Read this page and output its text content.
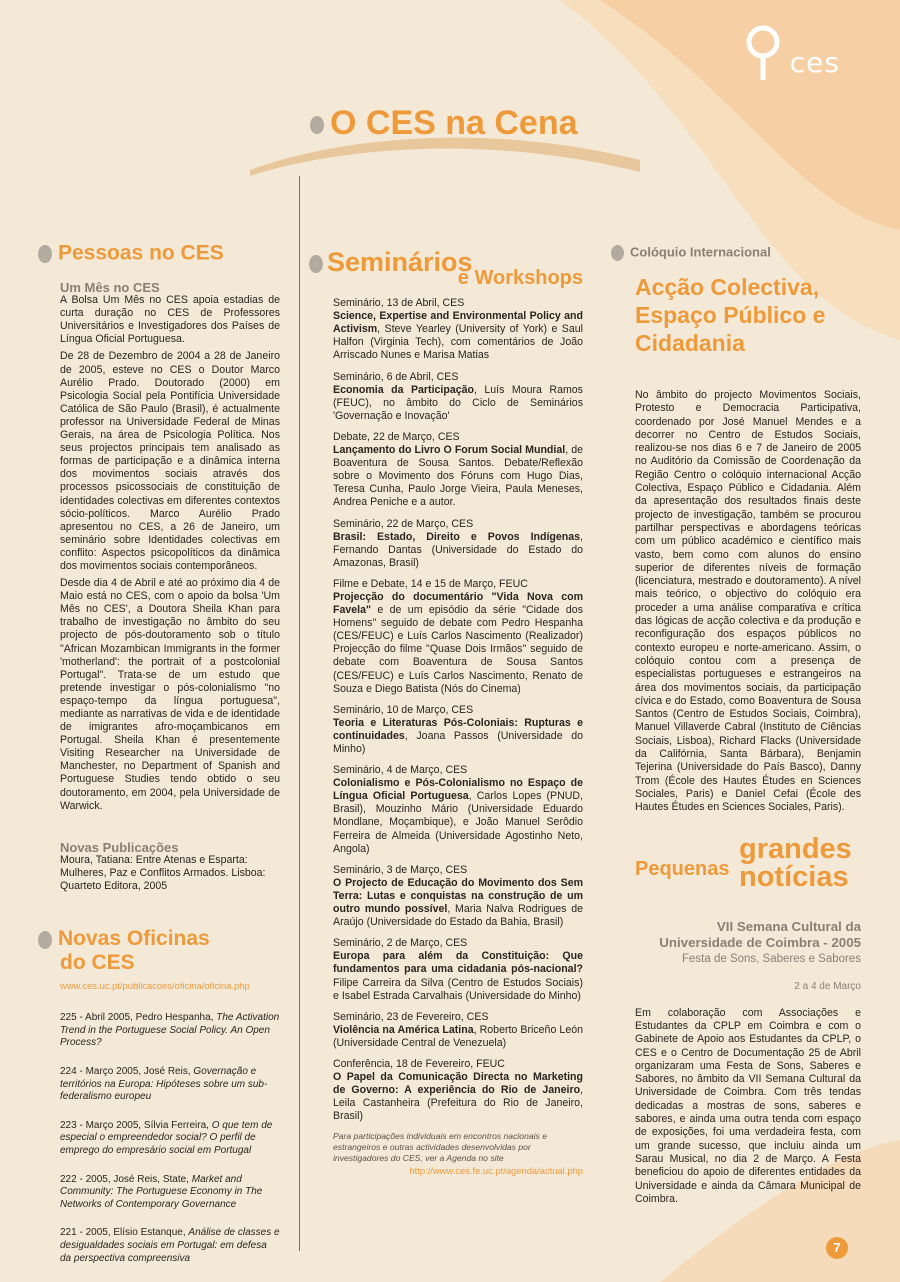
ces
O CES na Cena
Pessoas no CES
Um Mês no CES

A Bolsa Um Mês no CES apoia estadias de curta duração no CES de Professores Universitários e Investigadores dos Países de Língua Oficial Portuguesa.

De 28 de Dezembro de 2004 a 28 de Janeiro de 2005, esteve no CES o Doutor Marco Aurélio Prado. Doutorado (2000) em Psicologia Social pela Pontifícia Universidade Católica de São Paulo (Brasil), é actualmente professor na Universidade Federal de Minas Gerais, na área de Psicologia Política. Nos seus projectos principais tem analisado as formas de participação e a dinâmica interna dos movimentos sociais através dos processos psicossociais de constituição de identidades colectivas em diferentes contextos sócio-políticos. Marco Aurélio Prado apresentou no CES, a 26 de Janeiro, um seminário sobre Identidades colectivas em conflito: Aspectos psicopolíticos da dinâmica dos movimentos sociais contemporâneos.

Desde dia 4 de Abril e até ao próximo dia 4 de Maio está no CES, com o apoio da bolsa 'Um Mês no CES', a Doutora Sheila Khan para trabalho de investigação no âmbito do seu projecto de pós-doutoramento sob o título "African Mozambican Immigrants in the former 'motherland': the portrait of a postcolonial Portugal". Trata-se de um estudo que pretende investigar o pós-colonialismo "no espaço-tempo da língua portuguesa", mediante as narrativas de vida e de identidade de imigrantes afro-moçambicanos em Portugal. Sheila Khan é presentemente Visiting Researcher na Universidade de Manchester, no Department of Spanish and Portuguese Studies tendo obtido o seu doutoramento, em 2004, pela Universidade de Warwick.

Novas Publicações

Moura, Tatiana: Entre Atenas e Esparta: Mulheres, Paz e Conflitos Armados. Lisboa: Quarteto Editora, 2005

Novas Oficinas
do CES
www.ces.uc.pt/publicacoes/oficina/oficina.php
225 - Abril 2005, Pedro Hespanha, The Activation Trend in the Portuguese Social Policy. An Open Process?
224 - Março 2005, José Reis, Governação e territórios na Europa: Hipóteses sobre um sub-federalismo europeu
223 - Março 2005, Sílvia Ferreira, O que tem de especial o empreendedor social? O perfil de emprego do empresário social em Portugal
222 - 2005, José Reis, State, Market and Community: The Portuguese Economy in The Networks of Contemporary Governance
221 - 2005, Elísio Estanque, Análise de classes e desigualdades sociais em Portugal: em defesa da perspectiva compreensiva
Seminários
e Workshops
Seminário, 13 de Abril, CES

Science, Expertise and Environmental Policy and Activism, Steve Yearley (University of York) e Saul Halfon (Virginia Tech), com comentários de João Arriscado Nunes e Marisa Matias

Seminário, 6 de Abril, CES

Economia da Participação, Luís Moura Ramos (FEUC), no âmbito do Ciclo de Seminários 'Governação e Inovação'

Debate, 22 de Março, CES

Lançamento do Livro O Forum Social Mundial, de Boaventura de Sousa Santos. Debate/Reflexão sobre o Movimento dos Fóruns com Hugo Dias, Teresa Cunha, Paulo Jorge Vieira, Paula Meneses, Andrea Peniche e a autor.

Seminário, 22 de Março, CES

Brasil: Estado, Direito e Povos Indígenas, Fernando Dantas (Universidade do Estado do Amazonas, Brasil)

Filme e Debate, 14 e 15 de Março, FEUC

Projecção do documentário "Vida Nova com Favela" e de um episódio da série "Cidade dos Homens" seguido de debate com Pedro Hespanha (CES/FEUC) e Luís Carlos Nascimento (Realizador) Projecção do filme "Quase Dois Irmãos" seguido de debate com Boaventura de Sousa Santos (CES/FEUC) e Luís Carlos Nascimento, Renato de Souza e Diego Batista (Nós do Cinema)

Seminário, 10 de Março, CES

Teoria e Literaturas Pós-Coloniais: Rupturas e continuidades, Joana Passos (Universidade do Minho)

Seminário, 4 de Março, CES

Colonialismo e Pós-Colonialismo no Espaço de Língua Oficial Portuguesa, Carlos Lopes (PNUD, Brasil), Mouzinho Mário (Universidade Eduardo Mondlane, Moçambique), e João Manuel Serôdio Ferreira de Almeida (Universidade Agostinho Neto, Angola)

Seminário, 3 de Março, CES

O Projecto de Educação do Movimento dos Sem Terra: Lutas e conquistas na construção de um outro mundo possível, Maria Nalva Rodrigues de Araújo (Universidade do Estado da Bahia, Brasil)

Seminário, 2 de Março, CES

Europa para além da Constituição: Que fundamentos para uma cidadania pós-nacional? Filipe Carreira da Silva (Centro de Estudos Sociais) e Isabel Estrada Carvalhais (Universidade do Minho)

Seminário, 23 de Fevereiro, CES

Violência na América Latina, Roberto Briceño León (Universidade Central de Venezuela)

Conferência, 18 de Fevereiro, FEUC

O Papel da Comunicação Directa no Marketing de Governo: A experiência do Rio de Janeiro, Leila Castanheira (Prefeitura do Rio de Janeiro, Brasil)

Para participações individuais em encontros nacionais e estrangeiros e outras actividades desenvolvidas por investigadores do CES, ver a Agenda no site
http://www.ces.fe.uc.pt/agenda/actual.php
Colóquio Internacional
Acção Colectiva,
Espaço Público e
Cidadania

No âmbito do projecto Movimentos Sociais, Protesto e Democracia Participativa, coordenado por José Manuel Mendes e a decorrer no Centro de Estudos Sociais, realizou-se nos dias 6 e 7 de Janeiro de 2005 no Auditório da Comissão de Coordenação da Região Centro o colóquio internacional Acção Colectiva, Espaço Público e Cidadania. Além da apresentação dos resultados finais deste projecto de investigação, também se procurou partilhar perspectivas e abordagens teóricas com um público académico e científico mais vasto, bem como com alunos do ensino superior de diferentes níveis de formação (licenciatura, mestrado e doutoramento). A nível mais teórico, o objectivo do colóquio era proceder a uma análise comparativa e crítica das lógicas de acção colectiva e da produção e reconfiguração dos espaços públicos no contexto europeu e norte-americano. Assim, o colóquio contou com a presença de especialistas portugueses e estrangeiros na área dos movimentos sociais, da participação cívica e do Estado, como Boaventura de Sousa Santos (Centro de Estudos Sociais, Coimbra), Manuel Villaverde Cabral (Instituto de Ciências Sociais, Lisboa), Richard Flacks (Universidade da Califórnia, Santa Bárbara), Benjamin Tejerina (Universidade do País Basco), Danny Trom (École des Hautes Études en Sciences Sociales, Paris) e Daniel Cefai (École des Hautes Études en Sciences Sociales, Paris).

Pequenas
grandes
notícias
VII Semana Cultural da
Universidade de Coimbra - 2005
Festa de Sons, Saberes e Sabores
2 a 4 de Março

Em colaboração com Associações e Estudantes da CPLP em Coimbra e com o Gabinete de Apoio aos Estudantes da CPLP, o CES e o Centro de Documentação 25 de Abril organizaram uma Festa de Sons, Saberes e Sabores, no âmbito da VII Semana Cultural da Universidade de Coimbra. Com três tendas dedicadas a mostras de sons, saberes e sabores, e ainda uma outra tenda com espaço de exposições, foi uma verdadeira festa, com um grande sucesso, que incluiu ainda um Sarau Musical, no dia 2 de Março. A Festa beneficiou do apoio de diferentes entidades da Universidade e ainda da Câmara Municipal de Coimbra.

7
